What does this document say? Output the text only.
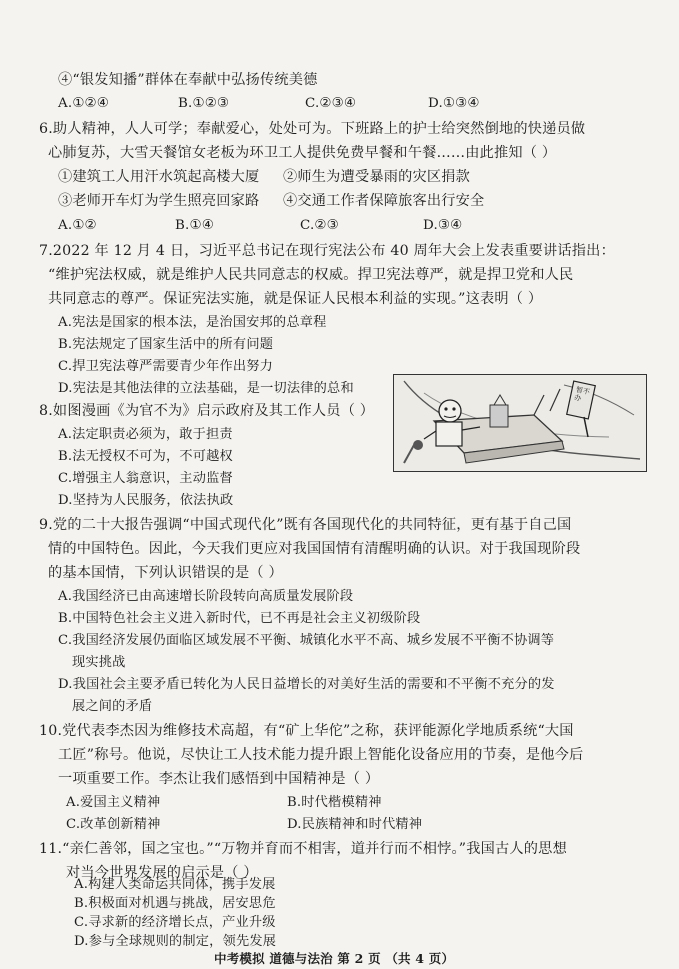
④“银发知播”群体在奉献中弘扬传统美德
A.①②④	B.①②③	C.②③④	D.①③④
6.助人精神，人人可学；奉献爱心，处处可为。下班路上的护士给突然倒地的快递员做
心肺复苏，大雪天餐馆女老板为环卫工人提供免费早餐和午餐……由此推知（ ）
①建筑工人用汗水筑起高楼大厦 ②师生为遭受暴雨的灾区捐款
③老师开车灯为学生照亮回家路 ④交通工作者保障旅客出行安全
A.①②	B.①④	C.②③	D.③④
7.2022 年 12 月 4 日，习近平总书记在现行宪法公布 40 周年大会上发表重要讲话指出：
“维护宪法权威，就是维护人民共同意志的权威。捍卫宪法尊严，就是捍卫党和人民
共同意志的尊严。保证宪法实施，就是保证人民根本利益的实现。”这表明（ ）
A.宪法是国家的根本法，是治国安邦的总章程
B.宪法规定了国家生活中的所有问题
C.捍卫宪法尊严需要青少年作出努力
D.宪法是其他法律的立法基础，是一切法律的总和
8.如图漫画《为官不为》启示政府及其工作人员（ ）
A.法定职责必须为，敢于担责
B.法无授权不可为，不可越权
C.增强主人翁意识，主动监督
D.坚持为人民服务，依法执政
暂不办
9.党的二十大报告强调“中国式现代化”既有各国现代化的共同特征，更有基于自己国
情的中国特色。因此，今天我们更应对我国国情有清醒明确的认识。对于我国现阶段
的基本国情，下列认识错误的是（ ）
A.我国经济已由高速增长阶段转向高质量发展阶段
B.中国特色社会主义进入新时代，已不再是社会主义初级阶段
C.我国经济发展仍面临区域发展不平衡、城镇化水平不高、城乡发展不平衡不协调等
现实挑战
D.我国社会主要矛盾已转化为人民日益增长的对美好生活的需要和不平衡不充分的发
展之间的矛盾
10.党代表李杰因为维修技术高超，有“矿上华佗”之称，获评能源化学地质系统“大国
工匠”称号。他说，尽快让工人技术能力提升跟上智能化设备应用的节奏，是他今后
一项重要工作。李杰让我们感悟到中国精神是（ ）
A.爱国主义精神	B.时代楷模精神
C.改革创新精神	D.民族精神和时代精神
11.“亲仁善邻，国之宝也。”“万物并育而不相害，道并行而不相悖。”我国古人的思想
对当今世界发展的启示是（ ）
A.构建人类命运共同体，携手发展
B.积极面对机遇与挑战，居安思危
C.寻求新的经济增长点，产业升级
D.参与全球规则的制定，领先发展
中考模拟 道德与法治 第 2 页 （共 4 页）
